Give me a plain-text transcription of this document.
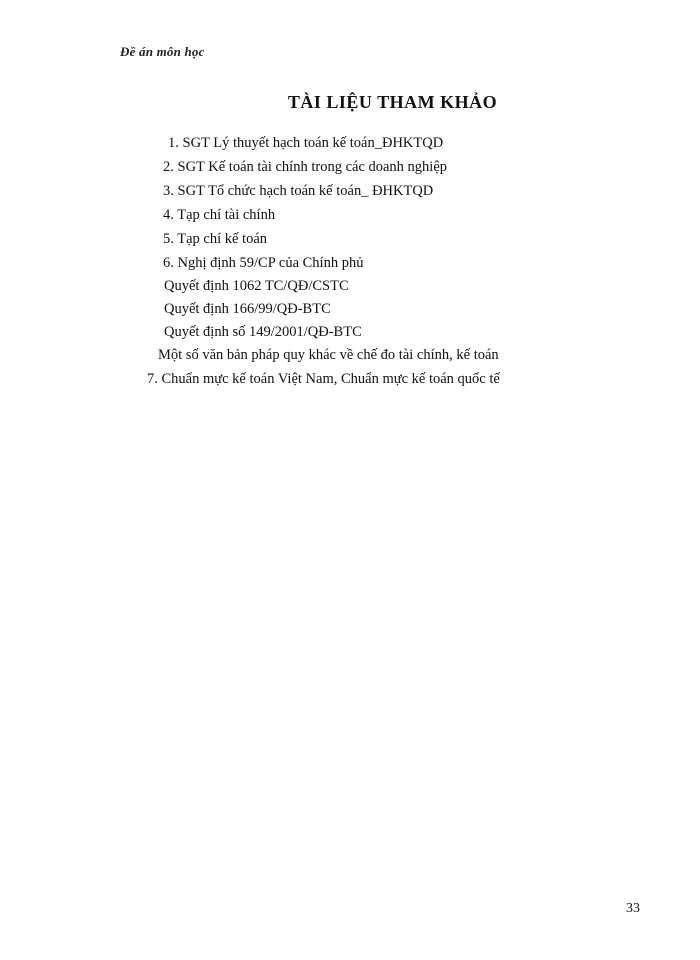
Đề án môn học
TÀI LIỆU THAM KHẢO
1. SGT Lý thuyết hạch toán kế toán_ĐHKTQD
2. SGT Kế toán tài chính trong các doanh nghiệp
3. SGT Tổ chức hạch toán kế toán_ ĐHKTQD
4. Tạp chí tài chính
5. Tạp chí kế toán
6. Nghị định 59/CP của Chính phủ
Quyết định 1062 TC/QĐ/CSTC
Quyết định 166/99/QĐ-BTC
Quyết định số 149/2001/QĐ-BTC
Một số văn bản pháp quy khác về chế đo tài chính, kế toán
7. Chuẩn mực kế toán Việt Nam, Chuẩn mực kế toán quốc tế
33
